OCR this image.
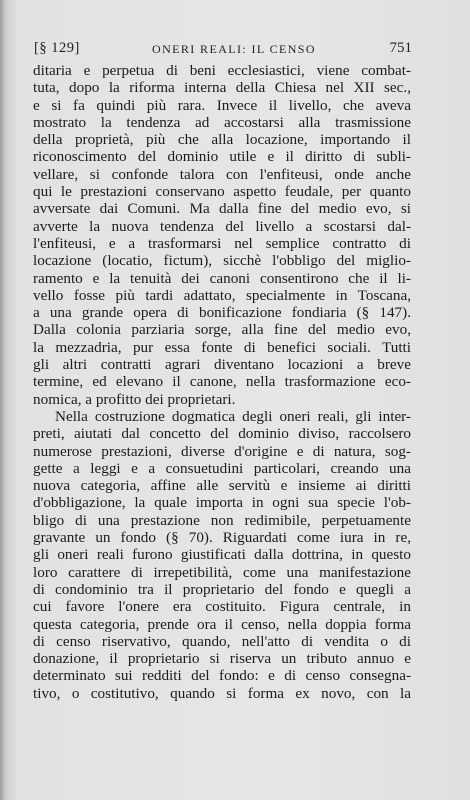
[§ 129]	ONERI REALI: IL CENSO	751
ditaria e perpetua di beni ecclesiastici, viene combat-
tuta, dopo la riforma interna della Chiesa nel XII sec.,
e si fa quindi più rara. Invece il livello, che aveva
mostrato la tendenza ad accostarsi alla trasmissione
della proprietà, più che alla locazione, importando il
riconoscimento del dominio utile e il diritto di subli-
vellare, si confonde talora con l'enfiteusi, onde anche
qui le prestazioni conservano aspetto feudale, per quanto
avversate dai Comuni. Ma dalla fine del medio evo, si
avverte la nuova tendenza del livello a scostarsi dal-
l'enfiteusi, e a trasformarsi nel semplice contratto di
locazione (locatio, fictum), sicchè l'obbligo del miglio-
ramento e la tenuità dei canoni consentirono che il li-
vello fosse più tardi adattato, specialmente in Toscana,
a una grande opera di bonificazione fondiaria (§ 147).
Dalla colonia parziaria sorge, alla fine del medio evo,
la mezzadria, pur essa fonte di benefici sociali. Tutti
gli altri contratti agrari diventano locazioni a breve
termine, ed elevano il canone, nella trasformazione eco-
nomica, a profitto dei proprietari.
Nella costruzione dogmatica degli oneri reali, gli inter-
preti, aiutati dal concetto del dominio diviso, raccolsero
numerose prestazioni, diverse d'origine e di natura, sog-
gette a leggi e a consuetudini particolari, creando una
nuova categoria, affine alle servitù e insieme ai diritti
d'obbligazione, la quale importa in ogni sua specie l'ob-
bligo di una prestazione non redimibile, perpetuamente
gravante un fondo (§ 70). Riguardati come iura in re,
gli oneri reali furono giustificati dalla dottrina, in questo
loro carattere di irrepetibilità, come una manifestazione
di condominio tra il proprietario del fondo e quegli a
cui favore l'onere era costituito. Figura centrale, in
questa categoria, prende ora il censo, nella doppia forma
di censo riservativo, quando, nell'atto di vendita o di
donazione, il proprietario si riserva un tributo annuo e
determinato sui redditi del fondo: e di censo consegna-
tivo, o costitutivo, quando si forma ex novo, con la
